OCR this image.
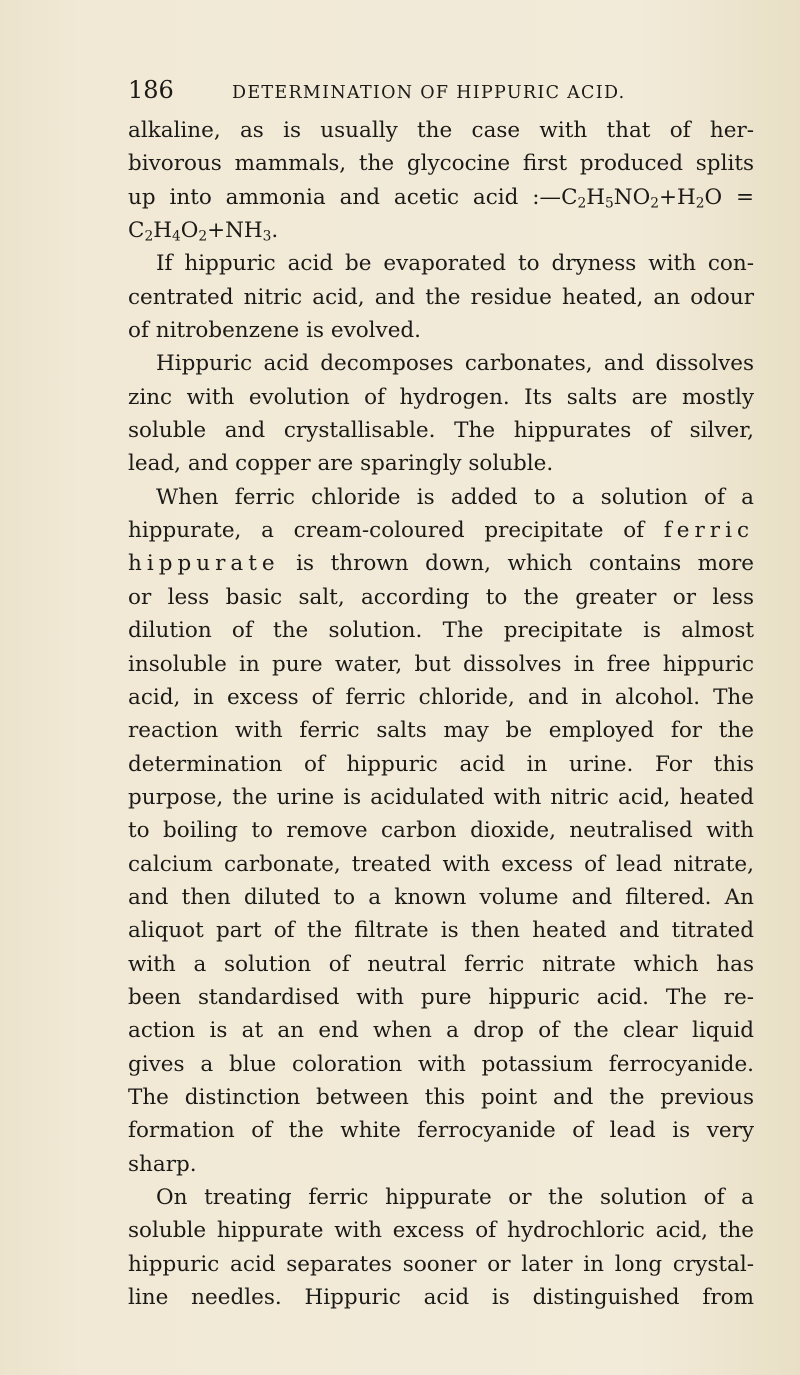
186	DETERMINATION OF HIPPURIC ACID.
alkaline, as is usually the case with that of her-
bivorous mammals, the glycocine first produced splits
up into ammonia and acetic acid $:—C_2H_5NO_2+H_2O$ =
$C_2H_4O_2+NH_3$.
If hippuric acid be evaporated to dryness with con-
centrated nitric acid, and the residue heated, an odour
of nitrobenzene is evolved.
Hippuric acid decomposes carbonates, and dissolves
zinc with evolution of hydrogen. Its salts are mostly
soluble and crystallisable. The hippurates of silver,
lead, and copper are sparingly soluble.
When ferric chloride is added to a solution of a
hippurate, a cream-coloured precipitate of ferric
hippurate is thrown down, which contains more
or less basic salt, according to the greater or less
dilution of the solution. The precipitate is almost
insoluble in pure water, but dissolves in free hippuric
acid, in excess of ferric chloride, and in alcohol. The
reaction with ferric salts may be employed for the
determination of hippuric acid in urine. For this
purpose, the urine is acidulated with nitric acid, heated
to boiling to remove carbon dioxide, neutralised with
calcium carbonate, treated with excess of lead nitrate,
and then diluted to a known volume and filtered. An
aliquot part of the filtrate is then heated and titrated
with a solution of neutral ferric nitrate which has
been standardised with pure hippuric acid. The re-
action is at an end when a drop of the clear liquid
gives a blue coloration with potassium ferrocyanide.
The distinction between this point and the previous
formation of the white ferrocyanide of lead is very
sharp.
On treating ferric hippurate or the solution of a
soluble hippurate with excess of hydrochloric acid, the
hippuric acid separates sooner or later in long crystal-
line needles. Hippuric acid is distinguished from
